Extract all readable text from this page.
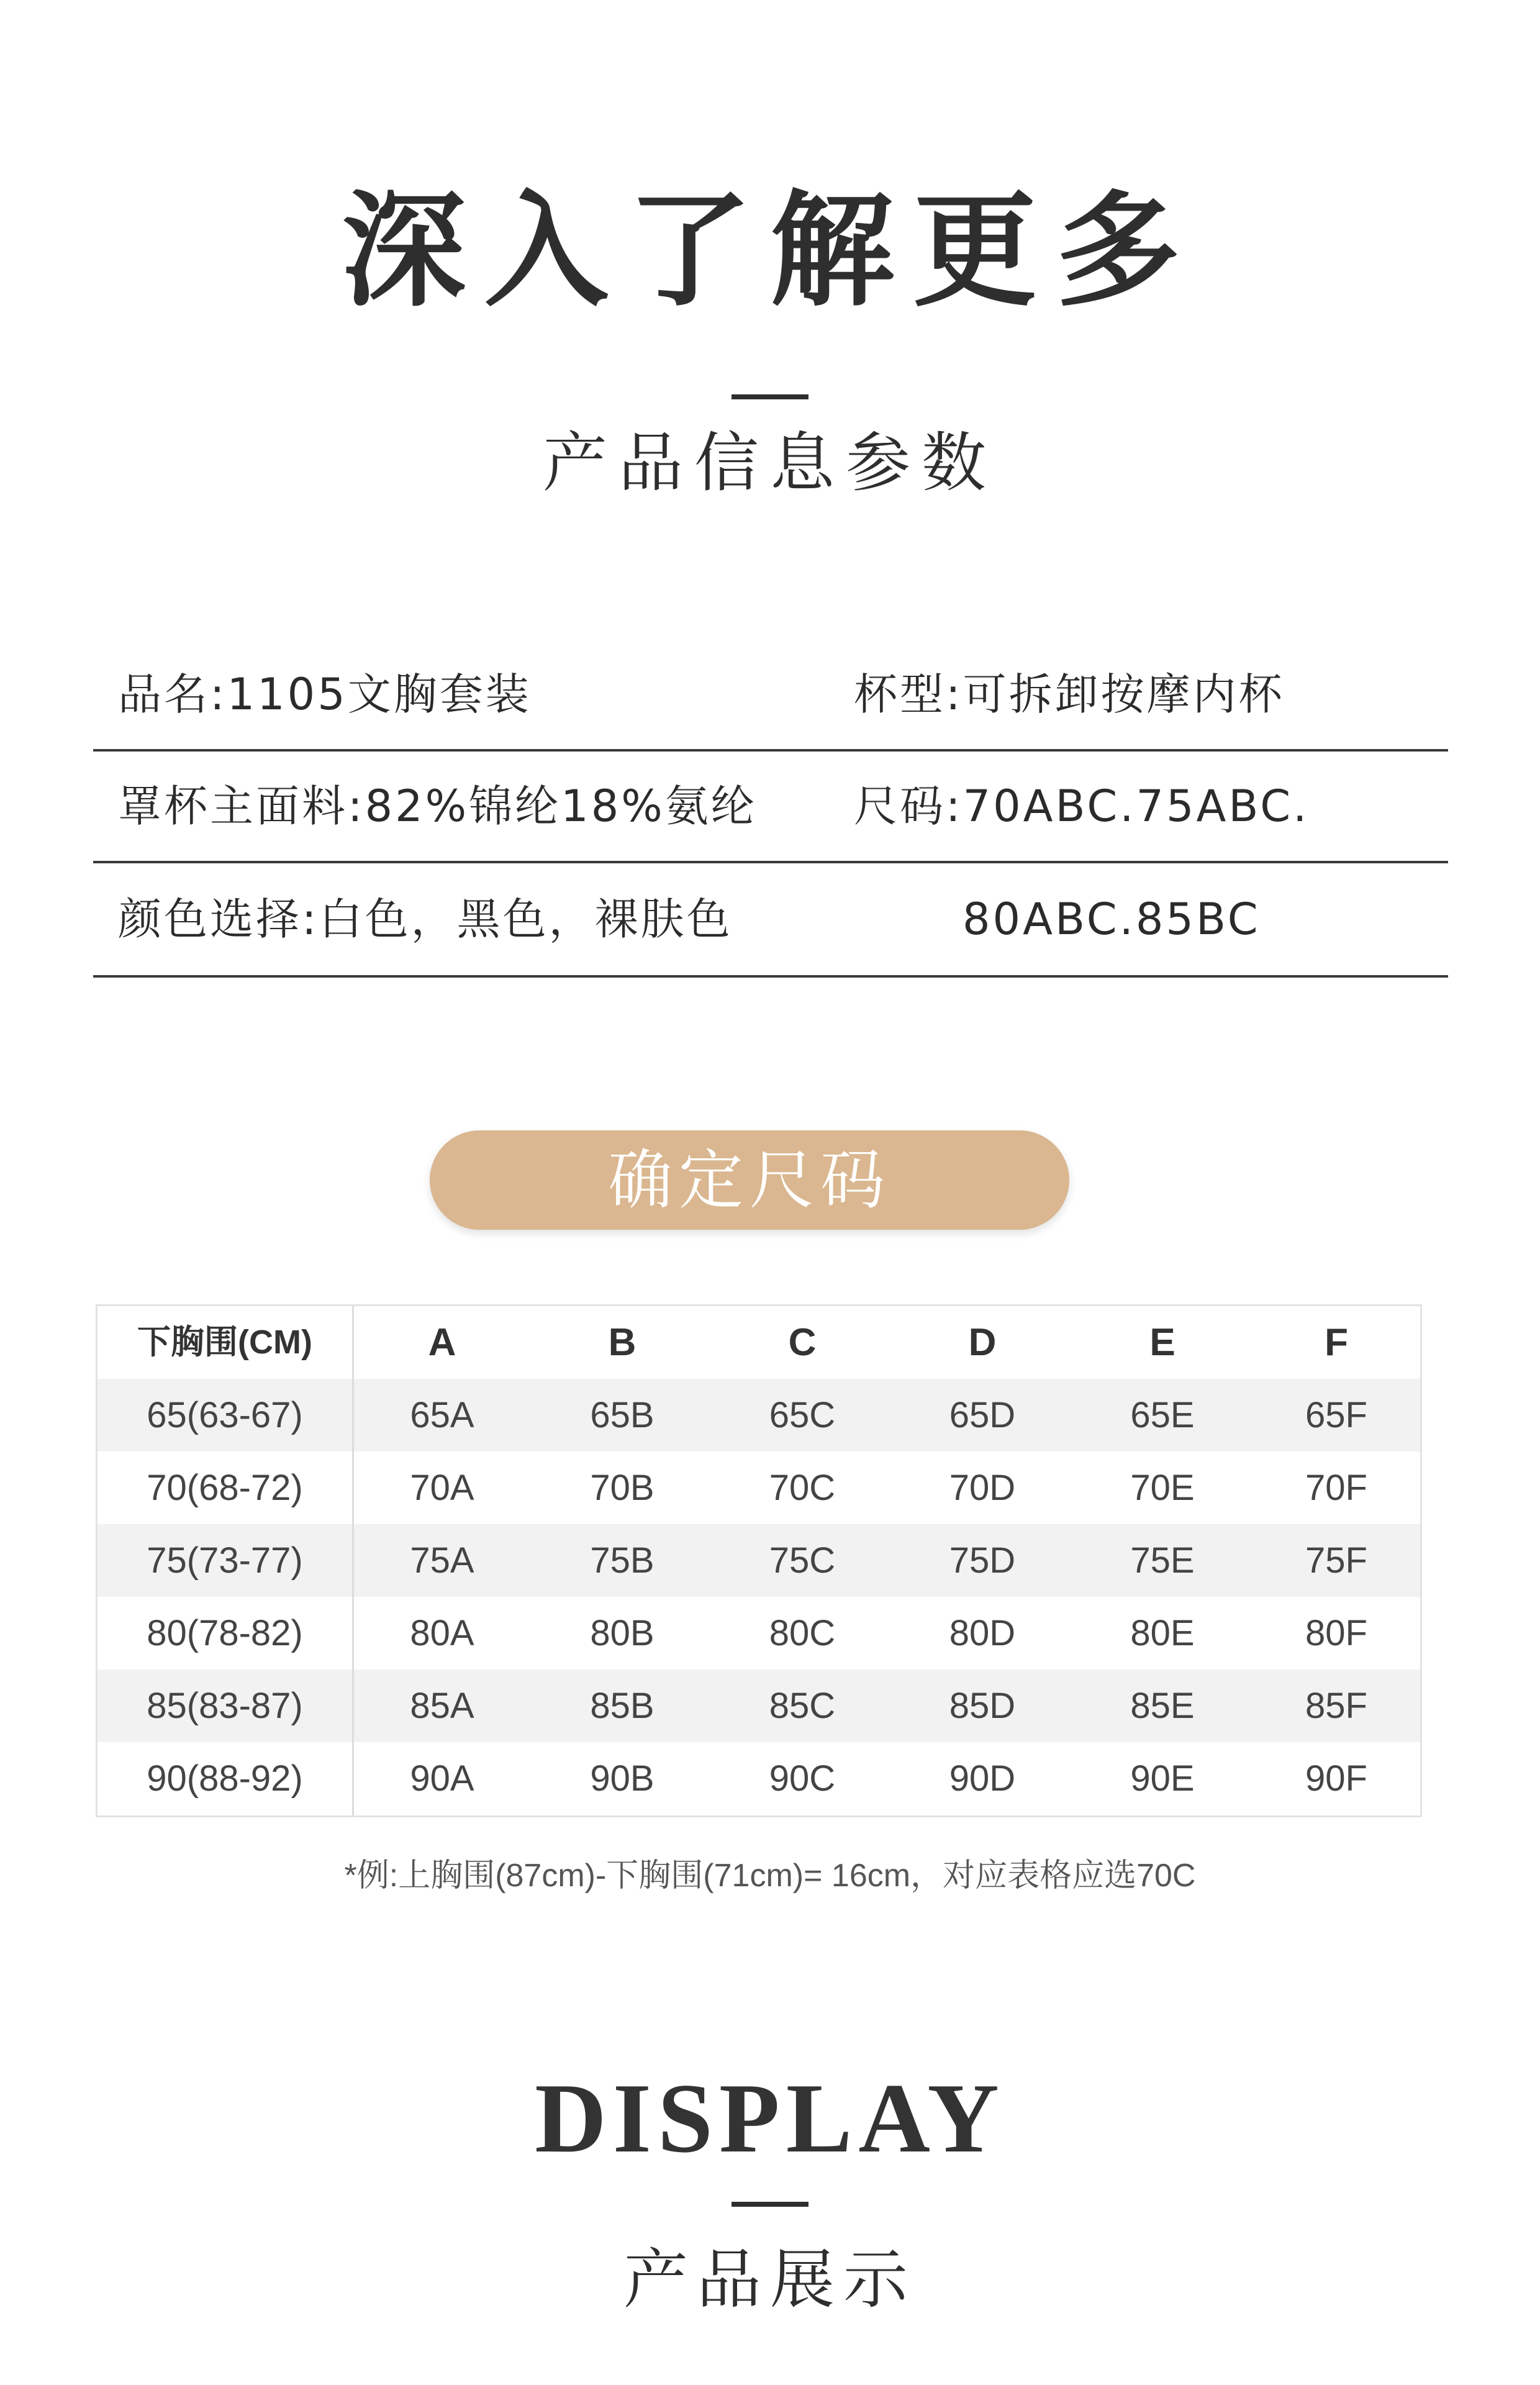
深入了解更多
产品信息参数
品名:1105文胸套装	杯型:可拆卸按摩内杯
罩杯主面料:82%锦纶18%氨纶 尺码:70ABC.75ABC.
颜色选择:白色，黑色，裸肤色	80ABC.85BC
确定尺码
下胸围(CM)	A	B	C	D	E	F
65(63-67)	65A	65B	65C	65D	65E	65F
70(68-72)	70A	70B	70C	70D	70E	70F
75(73-77)	75A	75B	75C	75D	75E	75F
80(78-82)	80A	80B	80C	80D	80E	80F
85(83-87)	85A	85B	85C	85D	85E	85F
90(88-92)	90A	90B	90C	90D	90E	90F
*例:上胸围(87cm)-下胸围(71cm)= 16cm，对应表格应选70C
DISPLAY
产品展示
